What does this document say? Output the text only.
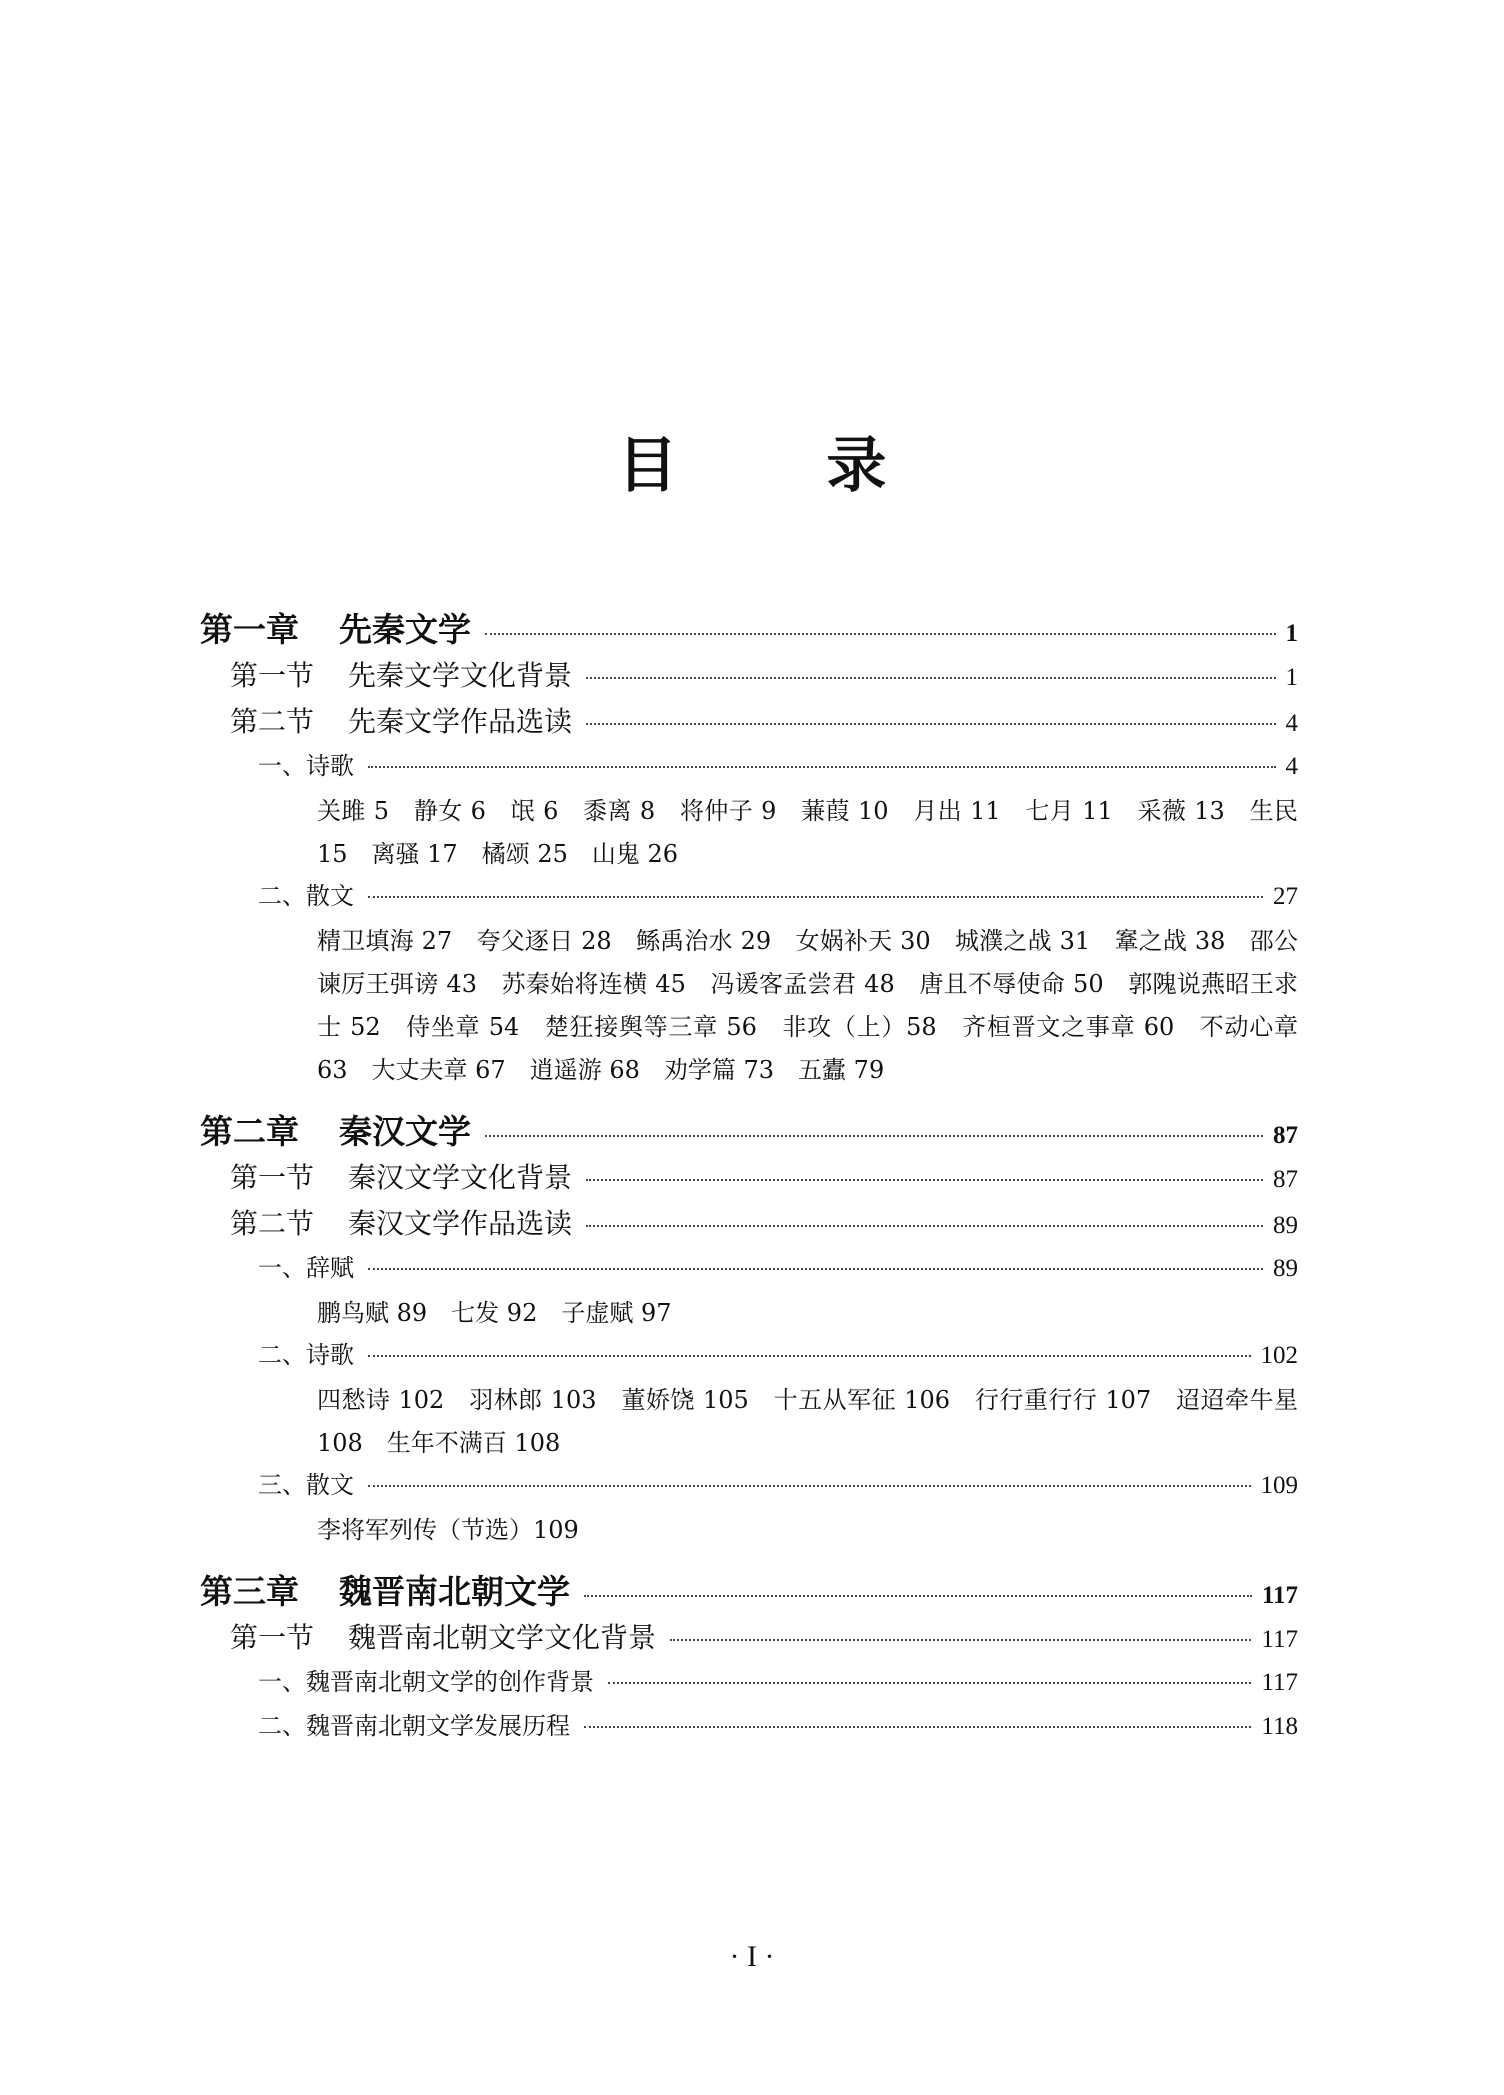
目 录
第一章 先秦文学	1
第一节 先秦文学文化背景	1
第二节 先秦文学作品选读	4
一、诗歌	4
关雎 5　静女 6　氓 6　黍离 8　将仲子 9　蒹葭 10　月出 11　七月 11　采薇 13　生民 15　离骚 17　橘颂 25　山鬼 26
二、散文	27
精卫填海 27　夸父逐日 28　鲧禹治水 29　女娲补天 30　城濮之战 31　鞌之战 38　邵公谏厉王弭谤 43　苏秦始将连横 45　冯谖客孟尝君 48　唐且不辱使命 50　郭隗说燕昭王求士 52　侍坐章 54　楚狂接舆等三章 56　非攻（上）58　齐桓晋文之事章 60　不动心章 63　大丈夫章 67　逍遥游 68　劝学篇 73　五蠹 79
第二章 秦汉文学	87
第一节 秦汉文学文化背景	87
第二节 秦汉文学作品选读	89
一、辞赋	89
鹏鸟赋 89　七发 92　子虚赋 97
二、诗歌	102
四愁诗 102　羽林郎 103　董娇饶 105　十五从军征 106　行行重行行 107　迢迢牵牛星 108　生年不满百 108
三、散文	109
李将军列传（节选）109
第三章 魏晋南北朝文学	117
第一节 魏晋南北朝文学文化背景	117
一、魏晋南北朝文学的创作背景	117
二、魏晋南北朝文学发展历程	118
· I ·
